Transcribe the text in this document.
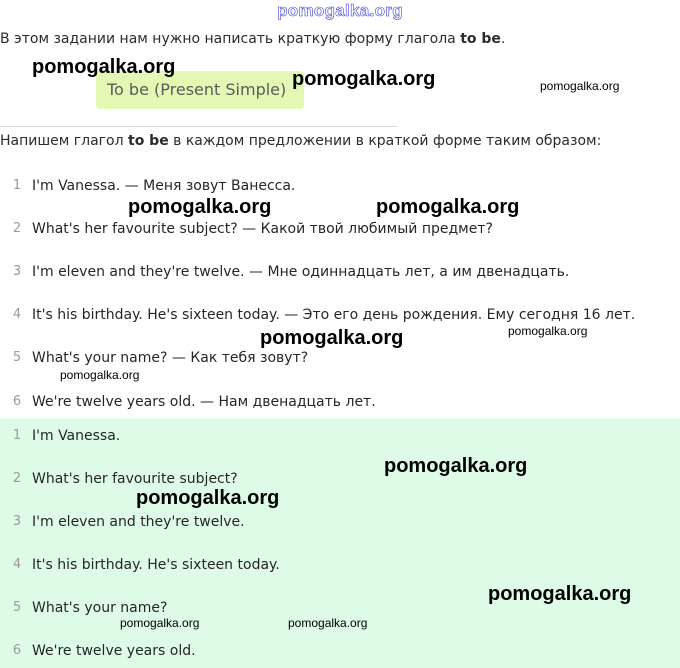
pomogalka.org
В этом задании нам нужно написать краткую форму глагола to be.
To be (Present Simple)
Напишем глагол to be в каждом предложении в краткой форме таким образом:
1 I'm Vanessa. — Меня зовут Ванесса.
2 What's her favourite subject? — Какой твой любимый предмет?
3 I'm eleven and they're twelve. — Мне одиннадцать лет, а им двенадцать.
4 It's his birthday. He's sixteen today. — Это его день рождения. Ему сегодня 16 лет.
5 What's your name? — Как тебя зовут?
6 We're twelve years old. — Нам двенадцать лет.
1 I'm Vanessa.
2 What's her favourite subject?
3 I'm eleven and they're twelve.
4 It's his birthday. He's sixteen today.
5 What's your name?
6 We're twelve years old.
pomogalka.org
pomogalka.org	pomogalka.org
pomogalka.org	pomogalka.org
pomogalka.org	pomogalka.org
pomogalka.org
pomogalka.org
pomogalka.org
pomogalka.org
pomogalka.org	pomogalka.org
